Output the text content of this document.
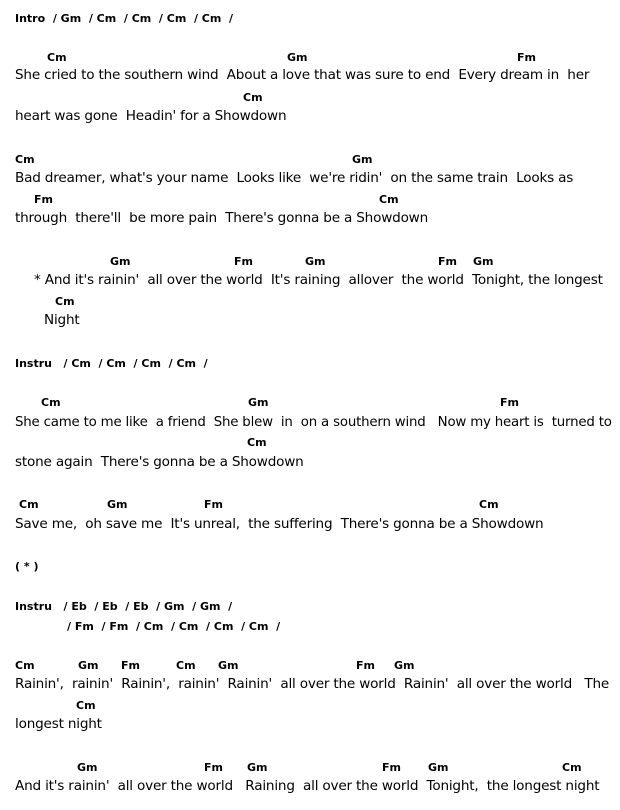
Intro  / Gm  / Cm  / Cm  / Cm  / Cm  /
Cm	Gm	Fm
She cried to the southern wind  About a love that was sure to end  Every dream in  her
Cm
heart was gone  Headin' for a Showdown
Cm	Gm
Bad dreamer, what's your name  Looks like  we're ridin'  on the same train  Looks as
Fm	Cm
through  there'll  be more pain  There's gonna be a Showdown
Gm	Fm	Gm	Fm Gm
* And it's rainin'  all over the world  It's raining  allover  the world  Tonight, the longest
Cm
Night
Instru   / Cm  / Cm  / Cm  / Cm  /
Cm	Gm	Fm
She came to me like  a friend  She blew  in  on a southern wind   Now my heart is  turned to
Cm
stone again  There's gonna be a Showdown
Cm	Gm	Fm	Cm
Save me,  oh save me  It's unreal,  the suffering  There's gonna be a Showdown
( * )
Instru   / Eb  / Eb  / Eb  / Gm  / Gm  /
/ Fm  / Fm  / Cm  / Cm  / Cm  / Cm  /
Cm	Gm Fm	Cm Gm	Fm Gm
Rainin',  rainin'  Rainin',  rainin'  Rainin'  all over the world  Rainin'  all over the world   The
Cm
longest night
Gm	Fm Gm	Fm Gm	Cm
And it's rainin'  all over the world   Raining  all over the world  Tonight,  the longest night
